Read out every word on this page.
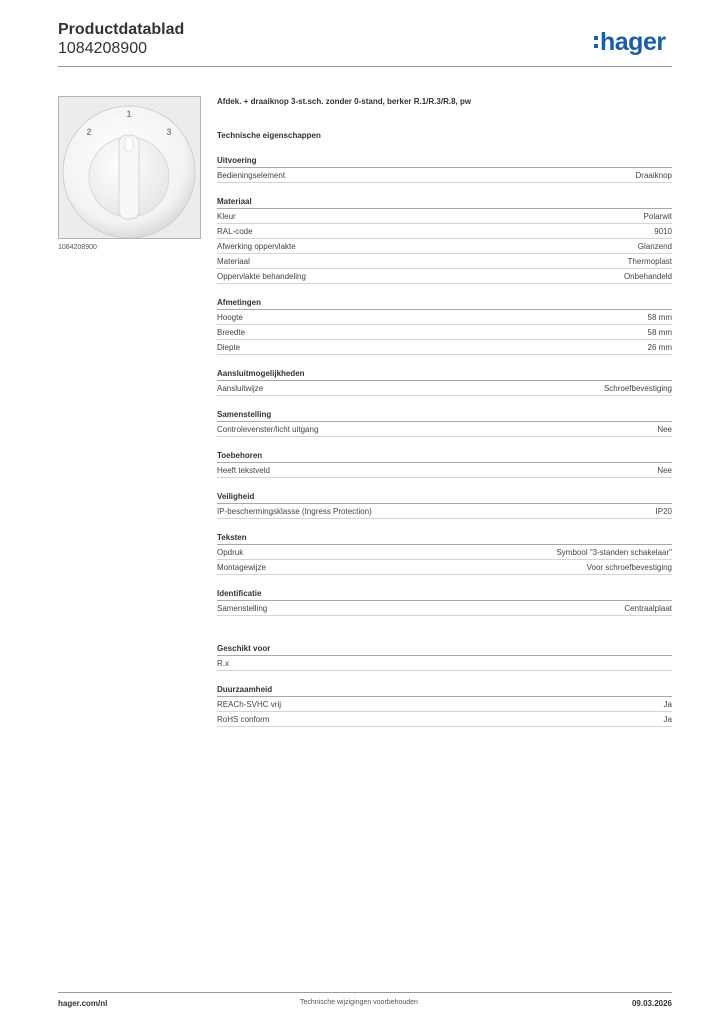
Productdatablad
1084208900	hager
1
2	3
1084208900
Afdek. + draaiknop 3-st.sch. zonder 0-stand, berker R.1/R.3/R.8, pw
Technische eigenschappen
Uitvoering
Bedieningselement	Draaiknop
Materiaal
Kleur	Polarwit
RAL-code	9010
Afwerking oppervlakte	Glanzend
Materiaal	Thermoplast
Oppervlakte behandeling	Onbehandeld
Afmetingen
Hoogte	58 mm
Breedte	58 mm
Diepte	26 mm
Aansluitmogelijkheden
Aansluitwijze	Schroefbevestiging
Samenstelling
Controlevenster/licht uitgang	Nee
Toebehoren
Heeft tekstveld	Nee
Veiligheid
IP-beschermingsklasse (Ingress Protection)	IP20
Teksten
Opdruk	Symbool "3-standen schakelaar"
Montagewijze	Voor schroefbevestiging
Identificatie
Samenstelling	Centraalplaat
Geschikt voor
R.x
Duurzaamheid
REACh-SVHC vrij	Ja
RoHS conform	Ja
hager.com/nl	Technische wijzigingen voorbehouden	09.03.2026
